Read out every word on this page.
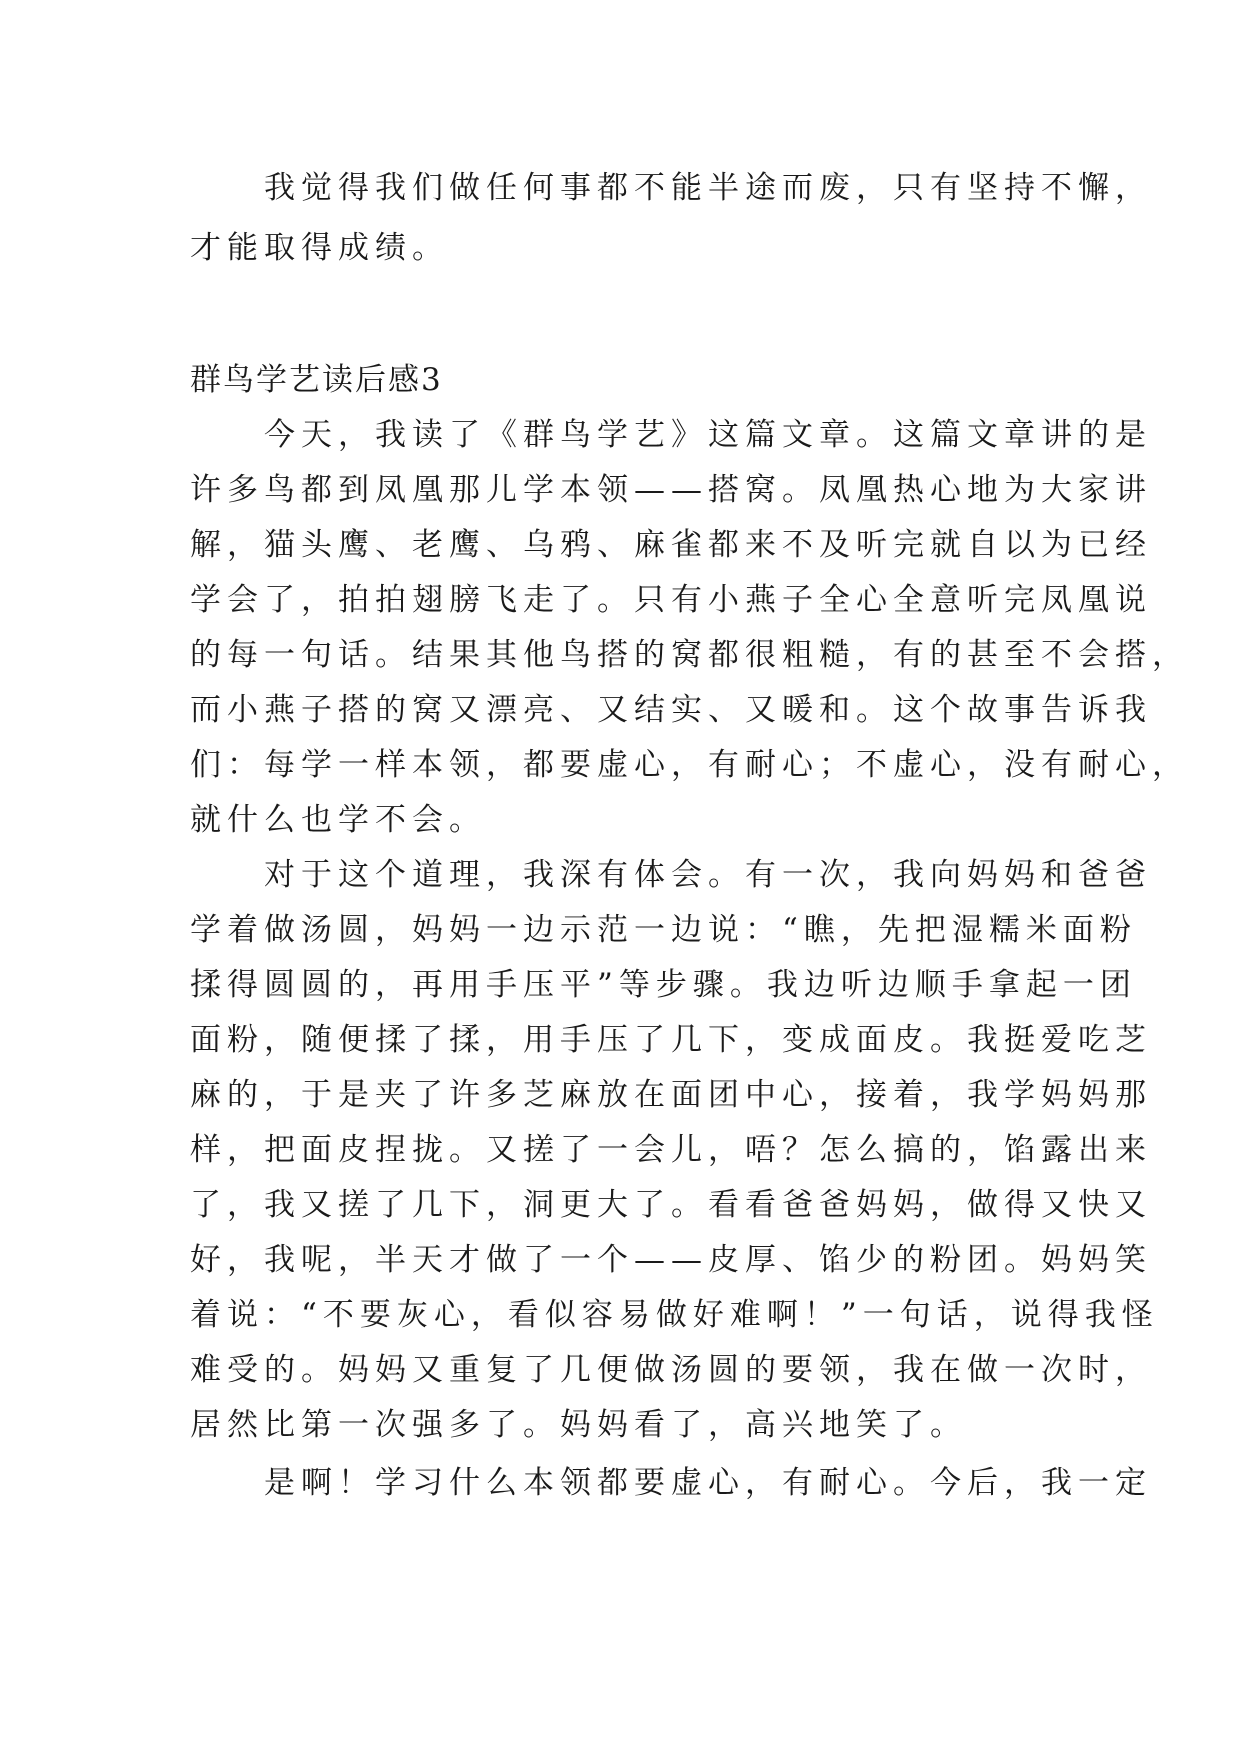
　　我觉得我们做任何事都不能半途而废，只有坚持不懈，
才能取得成绩。
群鸟学艺读后感3
　　今天，我读了《群鸟学艺》这篇文章。这篇文章讲的是
许多鸟都到凤凰那儿学本领——搭窝。凤凰热心地为大家讲
解，猫头鹰、老鹰、乌鸦、麻雀都来不及听完就自以为已经
学会了，拍拍翅膀飞走了。只有小燕子全心全意听完凤凰说
的每一句话。结果其他鸟搭的窝都很粗糙，有的甚至不会搭，
而小燕子搭的窝又漂亮、又结实、又暖和。这个故事告诉我
们：每学一样本领，都要虚心，有耐心；不虚心，没有耐心，
就什么也学不会。
　　对于这个道理，我深有体会。有一次，我向妈妈和爸爸
学着做汤圆，妈妈一边示范一边说：“瞧，先把湿糯米面粉
揉得圆圆的，再用手压平”等步骤。我边听边顺手拿起一团
面粉，随便揉了揉，用手压了几下，变成面皮。我挺爱吃芝
麻的，于是夹了许多芝麻放在面团中心，接着，我学妈妈那
样，把面皮捏拢。又搓了一会儿，唔？怎么搞的，馅露出来
了，我又搓了几下，洞更大了。看看爸爸妈妈，做得又快又
好，我呢，半天才做了一个——皮厚、馅少的粉团。妈妈笑
着说：“不要灰心，看似容易做好难啊！”一句话，说得我怪
难受的。妈妈又重复了几便做汤圆的要领，我在做一次时，
居然比第一次强多了。妈妈看了，高兴地笑了。
　　是啊！学习什么本领都要虚心，有耐心。今后，我一定
